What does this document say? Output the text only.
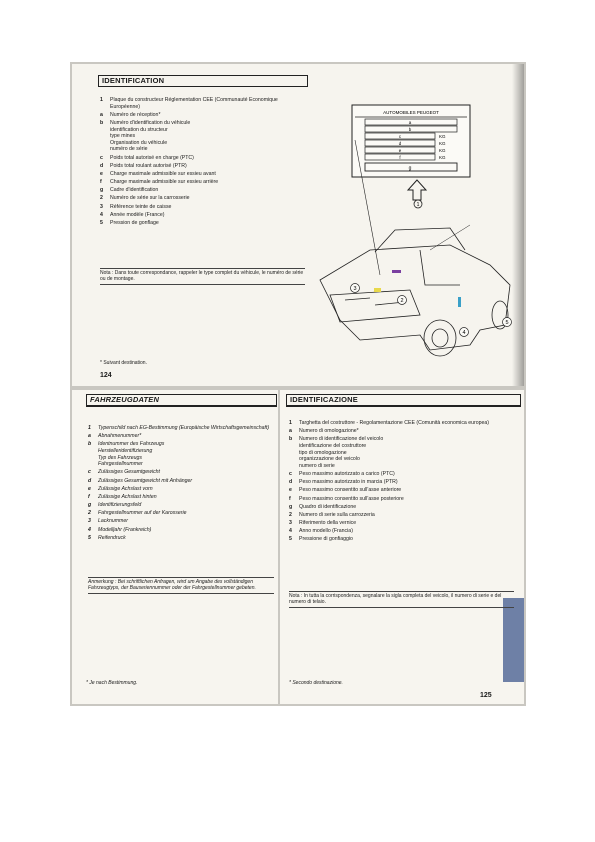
IDENTIFICATION
1	Plaque du constructeur Réglementation CEE (Communauté Economique Européenne)
a	Numéro de réception*
b	Numéro d'identification du véhicule
identification du structeur
type mines
Organisation du véhicule
numéro de série
c	Poids total autorisé en charge (PTC)
d	Poids total roulant autorisé (PTR)
e	Charge maximale admissible sur essieu avant
f	Charge maximale admissible sur essieu arrière
g	Cadre d'identification
2	Numéro de série sur la carrosserie
3	Référence teinte de caisse
4	Année modèle (France)
5	Pression de gonflage
Nota : Dans toute correspondance, rappeler le type complet du véhicule, le numéro de série ou de montage.
* Suivant destination.
124
AUTOMOBILES PEUGEOT
a
b
c	KG
d	KG
e	KG
f	KG
g
1
3
2
4
5
FAHRZEUGDATEN
1	Typenschild nach EG-Bestimmung (Europäische Wirtschaftsgemeinschaft)
a	Abnahmenummer*
b	Identnummer des Fahrzeugs
Herstelleridentifizierung
Typ des Fahrzeugs
Fahrgestellnummer
c	Zulässiges Gesamtgewicht
d	Zulässiges Gesamtgewicht mit Anhänger
e	Zulässige Achslast vorn
f	Zulässige Achslast hinten
g	Identifizierungsfeld
2	Fahrgestellnummer auf der Karosserie
3	Lacknummer
4	Modelljahr (Frankreich)
5	Reifendruck
Anmerkung : Bei schriftlichen Anfragen, wird um Angabe des vollständigen Fahrzeugtyps, der Bauseriennummer oder der Fahrgestellnummer gebeten.
* Je nach Bestimmung.
IDENTIFICAZIONE
1	Targhetta del costruttore - Regolamentazione CEE (Comunità economica europea)
a	Numero di omologazione*
b	Numero di identificazione del veicolo
identificazione del costruttore
tipo di omologazione
organizzazione del veicolo
numero di serie
c	Peso massimo autorizzato a carico (PTC)
d	Peso massimo autorizzato in marcia (PTR)
e	Peso massimo consentito sull'asse anteriore
f	Peso massimo consentito sull'asse posteriore
g	Quadro di identificazione
2	Numero di serie sulla carrozzeria
3	Riferimento della vernice
4	Anno modello (Francia)
5	Pressione di gonfiaggio
Nota : In tutta la corrispondenza, segnalare la sigla completa del veicolo, il numero di serie e del numero di telaio.
* Secondo destinazione.
125
